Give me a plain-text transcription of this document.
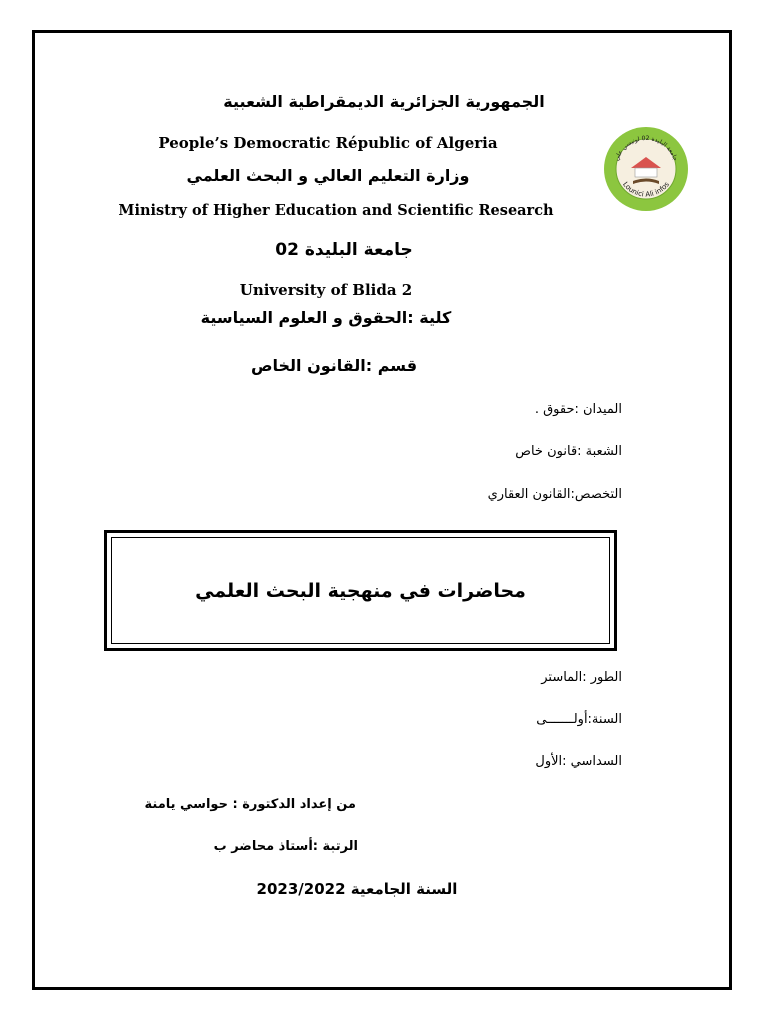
الجمهورية الجزائرية الديمقراطية الشعبية
People’s Democratic Républic of Algeria
وزارة التعليم العالي و البحث العلمي
Ministry of Higher Education and Scientific Research
جامعة البليدة 02
University of Blida 2
كلية :الحقوق و العلوم السياسية
قسم :القانون الخاص
جامعة البليدة 02 لونيسي علي
Lounici Ali infos
الميدان :حقوق .
الشعبة :قانون خاص
التخصص:القانون العقاري
محاضرات في منهجية البحث العلمي
الطور :الماستر
السنة:أولـــــــى
السداسي :الأول
من إعداد الدكتورة : حواسي يامنة
الرتبة :أستاذ محاضر ب
السنة الجامعية 2023/2022
